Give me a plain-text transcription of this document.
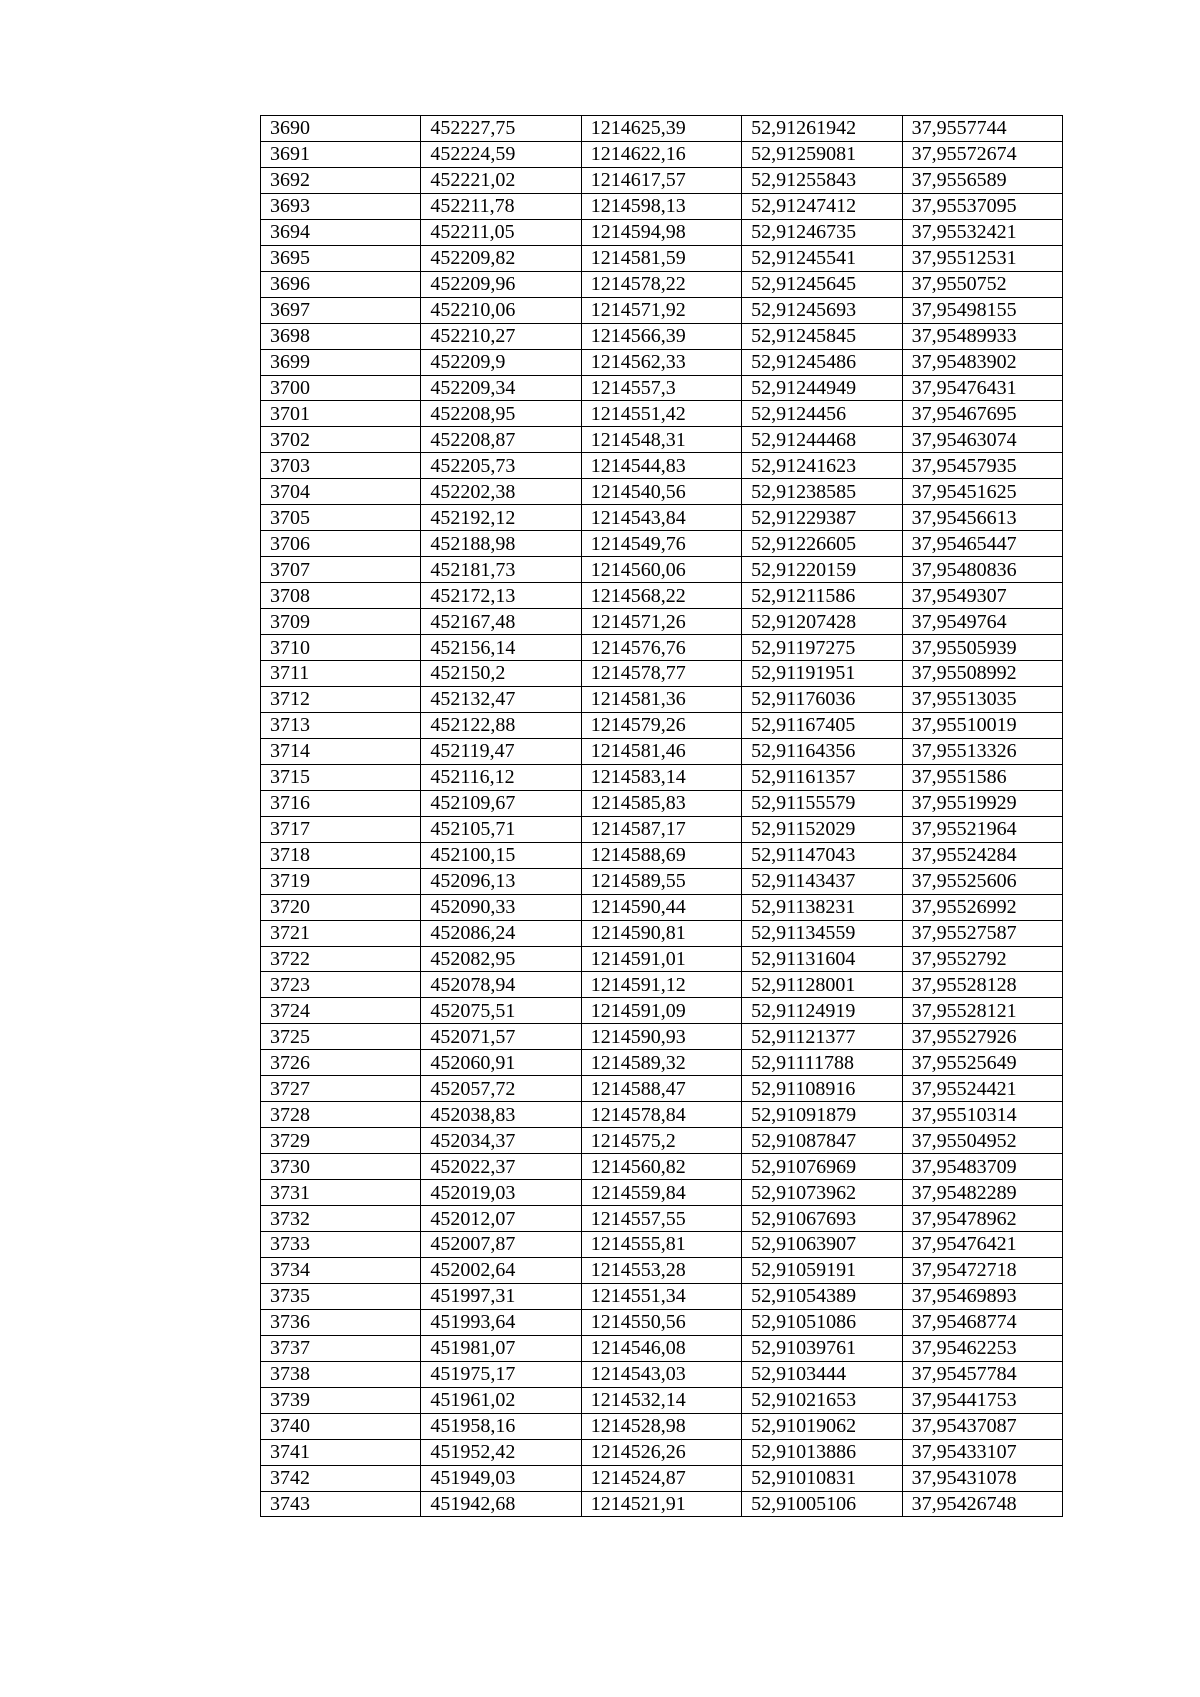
3690	452227,75	1214625,39	52,91261942	37,9557744
3691	452224,59	1214622,16	52,91259081	37,95572674
3692	452221,02	1214617,57	52,91255843	37,9556589
3693	452211,78	1214598,13	52,91247412	37,95537095
3694	452211,05	1214594,98	52,91246735	37,95532421
3695	452209,82	1214581,59	52,91245541	37,95512531
3696	452209,96	1214578,22	52,91245645	37,9550752
3697	452210,06	1214571,92	52,91245693	37,95498155
3698	452210,27	1214566,39	52,91245845	37,95489933
3699	452209,9	1214562,33	52,91245486	37,95483902
3700	452209,34	1214557,3	52,91244949	37,95476431
3701	452208,95	1214551,42	52,9124456	37,95467695
3702	452208,87	1214548,31	52,91244468	37,95463074
3703	452205,73	1214544,83	52,91241623	37,95457935
3704	452202,38	1214540,56	52,91238585	37,95451625
3705	452192,12	1214543,84	52,91229387	37,95456613
3706	452188,98	1214549,76	52,91226605	37,95465447
3707	452181,73	1214560,06	52,91220159	37,95480836
3708	452172,13	1214568,22	52,91211586	37,9549307
3709	452167,48	1214571,26	52,91207428	37,9549764
3710	452156,14	1214576,76	52,91197275	37,95505939
3711	452150,2	1214578,77	52,91191951	37,95508992
3712	452132,47	1214581,36	52,91176036	37,95513035
3713	452122,88	1214579,26	52,91167405	37,95510019
3714	452119,47	1214581,46	52,91164356	37,95513326
3715	452116,12	1214583,14	52,91161357	37,9551586
3716	452109,67	1214585,83	52,91155579	37,95519929
3717	452105,71	1214587,17	52,91152029	37,95521964
3718	452100,15	1214588,69	52,91147043	37,95524284
3719	452096,13	1214589,55	52,91143437	37,95525606
3720	452090,33	1214590,44	52,91138231	37,95526992
3721	452086,24	1214590,81	52,91134559	37,95527587
3722	452082,95	1214591,01	52,91131604	37,9552792
3723	452078,94	1214591,12	52,91128001	37,95528128
3724	452075,51	1214591,09	52,91124919	37,95528121
3725	452071,57	1214590,93	52,91121377	37,95527926
3726	452060,91	1214589,32	52,91111788	37,95525649
3727	452057,72	1214588,47	52,91108916	37,95524421
3728	452038,83	1214578,84	52,91091879	37,95510314
3729	452034,37	1214575,2	52,91087847	37,95504952
3730	452022,37	1214560,82	52,91076969	37,95483709
3731	452019,03	1214559,84	52,91073962	37,95482289
3732	452012,07	1214557,55	52,91067693	37,95478962
3733	452007,87	1214555,81	52,91063907	37,95476421
3734	452002,64	1214553,28	52,91059191	37,95472718
3735	451997,31	1214551,34	52,91054389	37,95469893
3736	451993,64	1214550,56	52,91051086	37,95468774
3737	451981,07	1214546,08	52,91039761	37,95462253
3738	451975,17	1214543,03	52,9103444	37,95457784
3739	451961,02	1214532,14	52,91021653	37,95441753
3740	451958,16	1214528,98	52,91019062	37,95437087
3741	451952,42	1214526,26	52,91013886	37,95433107
3742	451949,03	1214524,87	52,91010831	37,95431078
3743	451942,68	1214521,91	52,91005106	37,95426748
